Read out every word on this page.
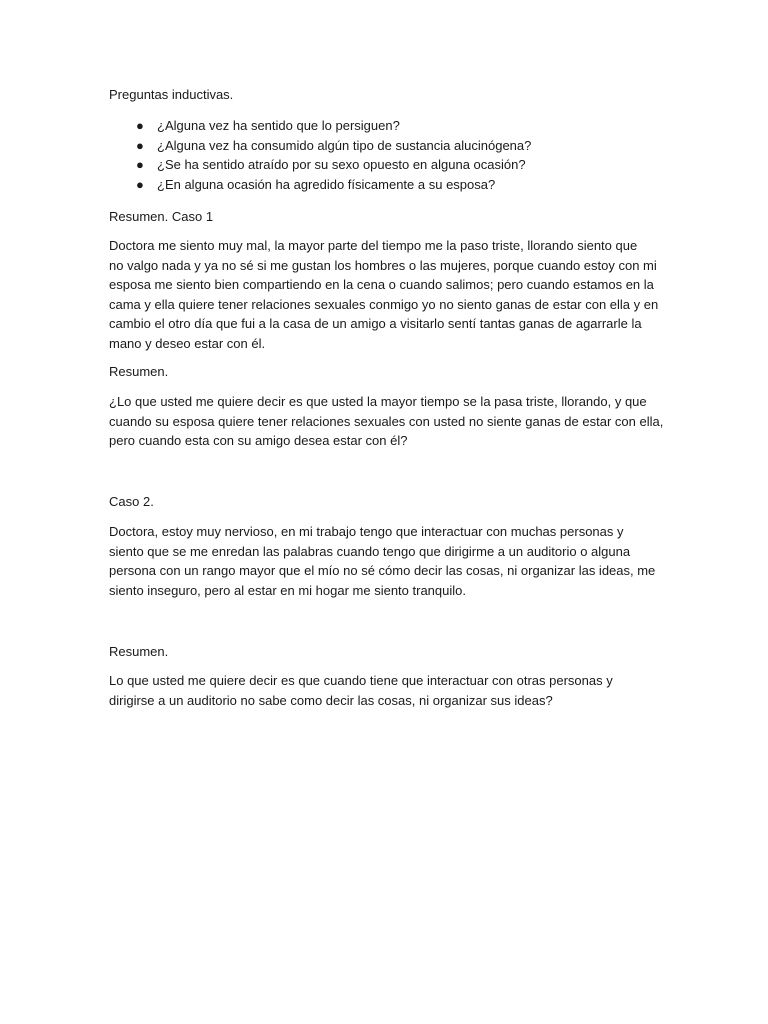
Preguntas inductivas.
● ¿Alguna vez ha sentido que lo persiguen?
● ¿Alguna vez ha consumido algún tipo de sustancia alucinógena?
● ¿Se ha sentido atraído por su sexo opuesto en alguna ocasión?
● ¿En alguna ocasión ha agredido físicamente a su esposa?
Resumen. Caso 1
Doctora me siento muy mal, la mayor parte del tiempo me la paso triste, llorando siento que
no valgo nada y ya no sé si me gustan los hombres o las mujeres, porque cuando estoy con mi
esposa me siento bien compartiendo en la cena o cuando salimos; pero cuando estamos en la
cama y ella quiere tener relaciones sexuales conmigo yo no siento ganas de estar con ella y en
cambio el otro día que fui a la casa de un amigo a visitarlo sentí tantas ganas de agarrarle la
mano y deseo estar con él.
Resumen.
¿Lo que usted me quiere decir es que usted la mayor tiempo se la pasa triste, llorando, y que
cuando su esposa quiere tener relaciones sexuales con usted no siente ganas de estar con ella,
pero cuando esta con su amigo desea estar con él?
Caso 2.
Doctora, estoy muy nervioso, en mi trabajo tengo que interactuar con muchas personas y
siento que se me enredan las palabras cuando tengo que dirigirme a un auditorio o alguna
persona con un rango mayor que el mío no sé cómo decir las cosas, ni organizar las ideas, me
siento inseguro, pero al estar en mi hogar me siento tranquilo.
Resumen.
Lo que usted me quiere decir es que cuando tiene que interactuar con otras personas y
dirigirse a un auditorio no sabe como decir las cosas, ni organizar sus ideas?
